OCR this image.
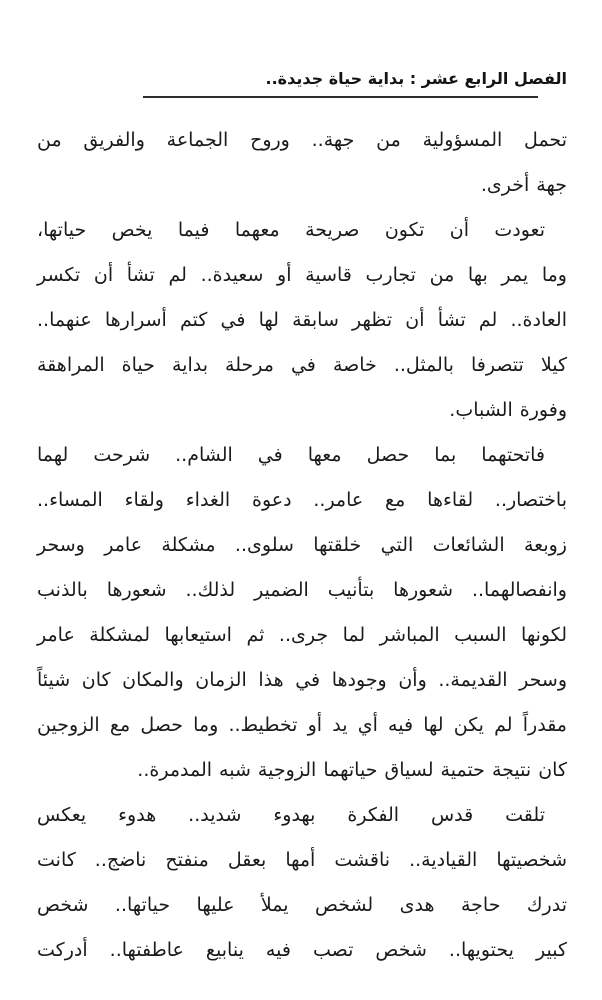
الفصل الرابع عشر : بداية حياة جديدة..

تحمل المسؤولية من جهة.. وروح الجماعة والفريق من
جهة أخرى.

تعودت أن تكون صريحة معهما فيما يخص حياتها،
وما يمر بها من تجارب قاسية أو سعيدة.. لم تشأ أن تكسر
العادة.. لم تشأ أن تظهر سابقة لها في كتم أسرارها عنهما..
كيلا تتصرفا بالمثل.. خاصة في مرحلة بداية حياة المراهقة
وفورة الشباب.

فاتحتهما بما حصل معها في الشام.. شرحت لهما
باختصار.. لقاءها مع عامر.. دعوة الغداء ولقاء المساء..
زوبعة الشائعات التي خلقتها سلوى.. مشكلة عامر وسحر
وانفصالهما.. شعورها بتأنيب الضمير لذلك.. شعورها بالذنب
لكونها السبب المباشر لما جرى.. ثم استيعابها لمشكلة عامر
وسحر القديمة.. وأن وجودها في هذا الزمان والمكان كان شيئاً
مقدراً لم يكن لها فيه أي يد أو تخطيط.. وما حصل مع الزوجين
كان نتيجة حتمية لسياق حياتهما الزوجية شبه المدمرة..

تلقت قدس الفكرة بهدوء شديد.. هدوء يعكس
شخصيتها القيادية.. ناقشت أمها بعقل منفتح ناضج.. كانت
تدرك حاجة هدى لشخص يملأ عليها حياتها.. شخص
كبير يحتويها.. شخص تصب فيه ينابيع عاطفتها.. أدركت
